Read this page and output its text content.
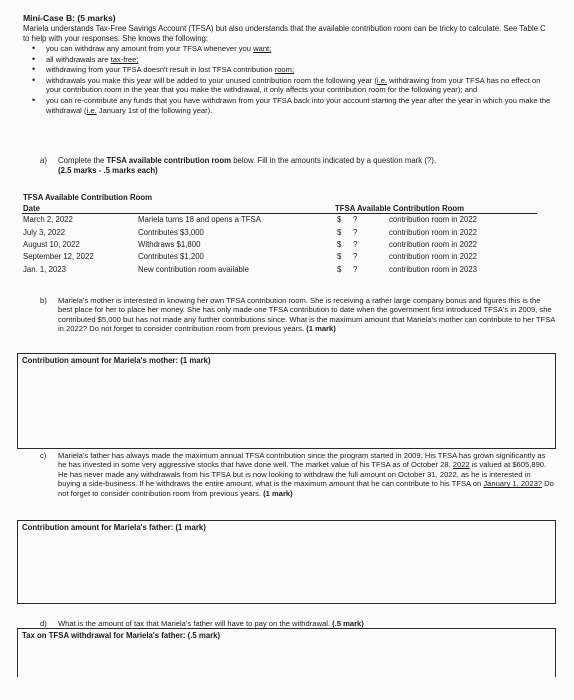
Mini-Case B: (5 marks)
Mariela understands Tax-Free Savings Account (TFSA) but also understands that the available contribution room can be tricky to calculate. See Table C to help with your responses. She knows the following:
• you can withdraw any amount from your TFSA whenever you want;
• all withdrawals are tax-free;
• withdrawing from your TFSA doesn't result in lost TFSA contribution room;
• withdrawals you make this year will be added to your unused contribution room the following year (i.e. withdrawing from your TFSA has no effect on your contribution room in the year that you make the withdrawal, it only affects your contribution room for the following year); and
• you can re-contribute any funds that you have withdrawn from your TFSA back into your account starting the year after the year in which you make the withdrawal (i.e. January 1st of the following year).
a) Complete the TFSA available contribution room below. Fill in the amounts indicated by a question mark (?).
(2.5 marks - .5 marks each)
TFSA Available Contribution Room
Date	TFSA Available Contribution Room
March 2, 2022	Mariela turns 18 and opens a TFSA	$ ?	contribution room in 2022
July 3, 2022	Contributes $3,000	$ ?	contribution room in 2022
August 10, 2022	Withdraws $1,800	$ ?	contribution room in 2022
September 12, 2022	Contributes $1,200	$ ?	contribution room in 2022
Jan. 1, 2023	New contribution room available	$ ?	contribution room in 2023
b) Mariela's mother is interested in knowing her own TFSA contribution room. She is receiving a rather large company bonus and figures this is the best place for her to place her money. She has only made one TFSA contribution to date when the government first introduced TFSA's in 2009, she contributed $5,000 but has not made any further contributions since. What is the maximum amount that Mariela's mother can contribute to her TFSA in 2022? Do not forget to consider contribution room from previous years. (1 mark)
Contribution amount for Mariela's mother: (1 mark)
c) Mariela's father has always made the maximum annual TFSA contribution since the program started in 2009. His TFSA has grown significantly as he has invested in some very aggressive stocks that have done well. The market value of his TFSA as of October 28, 2022 is valued at $605,890. He has never made any withdrawals from his TFSA but is now looking to withdraw the full amount on October 31, 2022, as he is interested in buying a side-business. If he withdraws the entire amount, what is the maximum amount that he can contribute to his TFSA on January 1, 2023? Do not forget to consider contribution room from previous years. (1 mark)
Contribution amount for Mariela's father: (1 mark)
d) What is the amount of tax that Mariela's father will have to pay on the withdrawal. (.5 mark)
Tax on TFSA withdrawal for Mariela's father: (.5 mark)
